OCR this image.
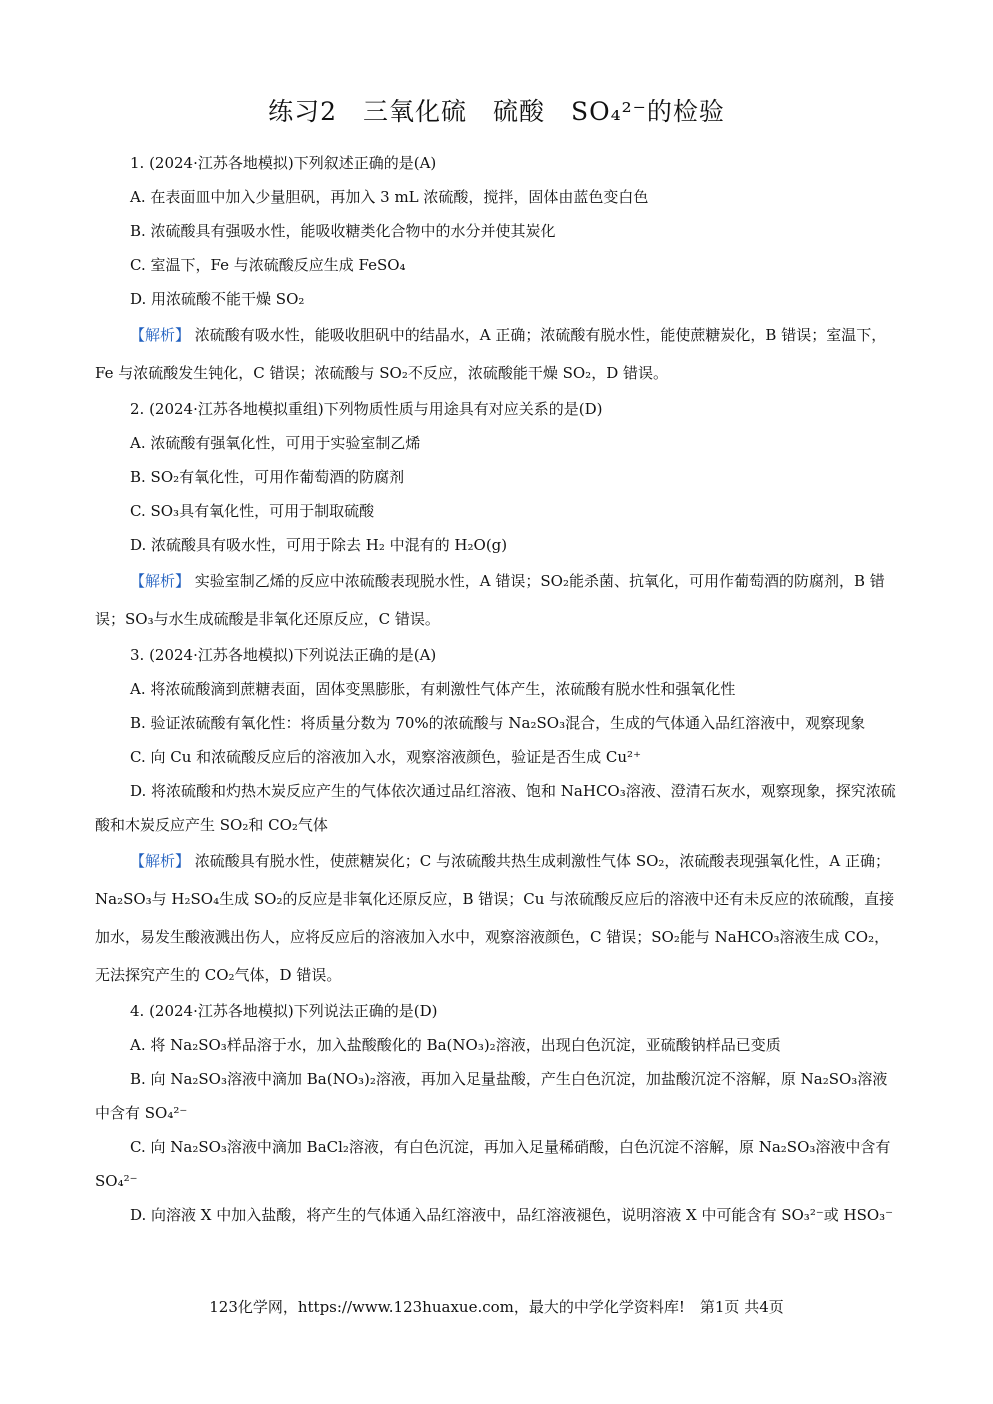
练习2　三氧化硫　硫酸　SO₄²⁻的检验

1. (2024·江苏各地模拟)下列叙述正确的是(A)

A. 在表面皿中加入少量胆矾，再加入 3 mL 浓硫酸，搅拌，固体由蓝色变白色

B. 浓硫酸具有强吸水性，能吸收糖类化合物中的水分并使其炭化

C. 室温下，Fe 与浓硫酸反应生成 FeSO₄

D. 用浓硫酸不能干燥 SO₂

【解析】 浓硫酸有吸水性，能吸收胆矾中的结晶水，A 正确；浓硫酸有脱水性，能使蔗糖炭化，B 错误；室温下，Fe 与浓硫酸发生钝化，C 错误；浓硫酸与 SO₂不反应，浓硫酸能干燥 SO₂，D 错误。

2. (2024·江苏各地模拟重组)下列物质性质与用途具有对应关系的是(D)

A. 浓硫酸有强氧化性，可用于实验室制乙烯

B. SO₂有氧化性，可用作葡萄酒的防腐剂

C. SO₃具有氧化性，可用于制取硫酸

D. 浓硫酸具有吸水性，可用于除去 H₂ 中混有的 H₂O(g)

【解析】 实验室制乙烯的反应中浓硫酸表现脱水性，A 错误；SO₂能杀菌、抗氧化，可用作葡萄酒的防腐剂，B 错误；SO₃与水生成硫酸是非氧化还原反应，C 错误。

3. (2024·江苏各地模拟)下列说法正确的是(A)

A. 将浓硫酸滴到蔗糖表面，固体变黑膨胀，有刺激性气体产生，浓硫酸有脱水性和强氧化性

B. 验证浓硫酸有氧化性：将质量分数为 70%的浓硫酸与 Na₂SO₃混合，生成的气体通入品红溶液中，观察现象

C. 向 Cu 和浓硫酸反应后的溶液加入水，观察溶液颜色，验证是否生成 Cu²⁺

D. 将浓硫酸和灼热木炭反应产生的气体依次通过品红溶液、饱和 NaHCO₃溶液、澄清石灰水，观察现象，探究浓硫酸和木炭反应产生 SO₂和 CO₂气体

【解析】 浓硫酸具有脱水性，使蔗糖炭化；C 与浓硫酸共热生成刺激性气体 SO₂，浓硫酸表现强氧化性，A 正确；Na₂SO₃与 H₂SO₄生成 SO₂的反应是非氧化还原反应，B 错误；Cu 与浓硫酸反应后的溶液中还有未反应的浓硫酸，直接加水，易发生酸液溅出伤人，应将反应后的溶液加入水中，观察溶液颜色，C 错误；SO₂能与 NaHCO₃溶液生成 CO₂，无法探究产生的 CO₂气体，D 错误。

4. (2024·江苏各地模拟)下列说法正确的是(D)

A. 将 Na₂SO₃样品溶于水，加入盐酸酸化的 Ba(NO₃)₂溶液，出现白色沉淀，亚硫酸钠样品已变质

B. 向 Na₂SO₃溶液中滴加 Ba(NO₃)₂溶液，再加入足量盐酸，产生白色沉淀，加盐酸沉淀不溶解，原 Na₂SO₃溶液中含有 SO₄²⁻

C. 向 Na₂SO₃溶液中滴加 BaCl₂溶液，有白色沉淀，再加入足量稀硝酸，白色沉淀不溶解，原 Na₂SO₃溶液中含有 SO₄²⁻

D. 向溶液 X 中加入盐酸，将产生的气体通入品红溶液中，品红溶液褪色，说明溶液 X 中可能含有 SO₃²⁻或 HSO₃⁻

123化学网，https://www.123huaxue.com，最大的中学化学资料库!　第1页 共4页
